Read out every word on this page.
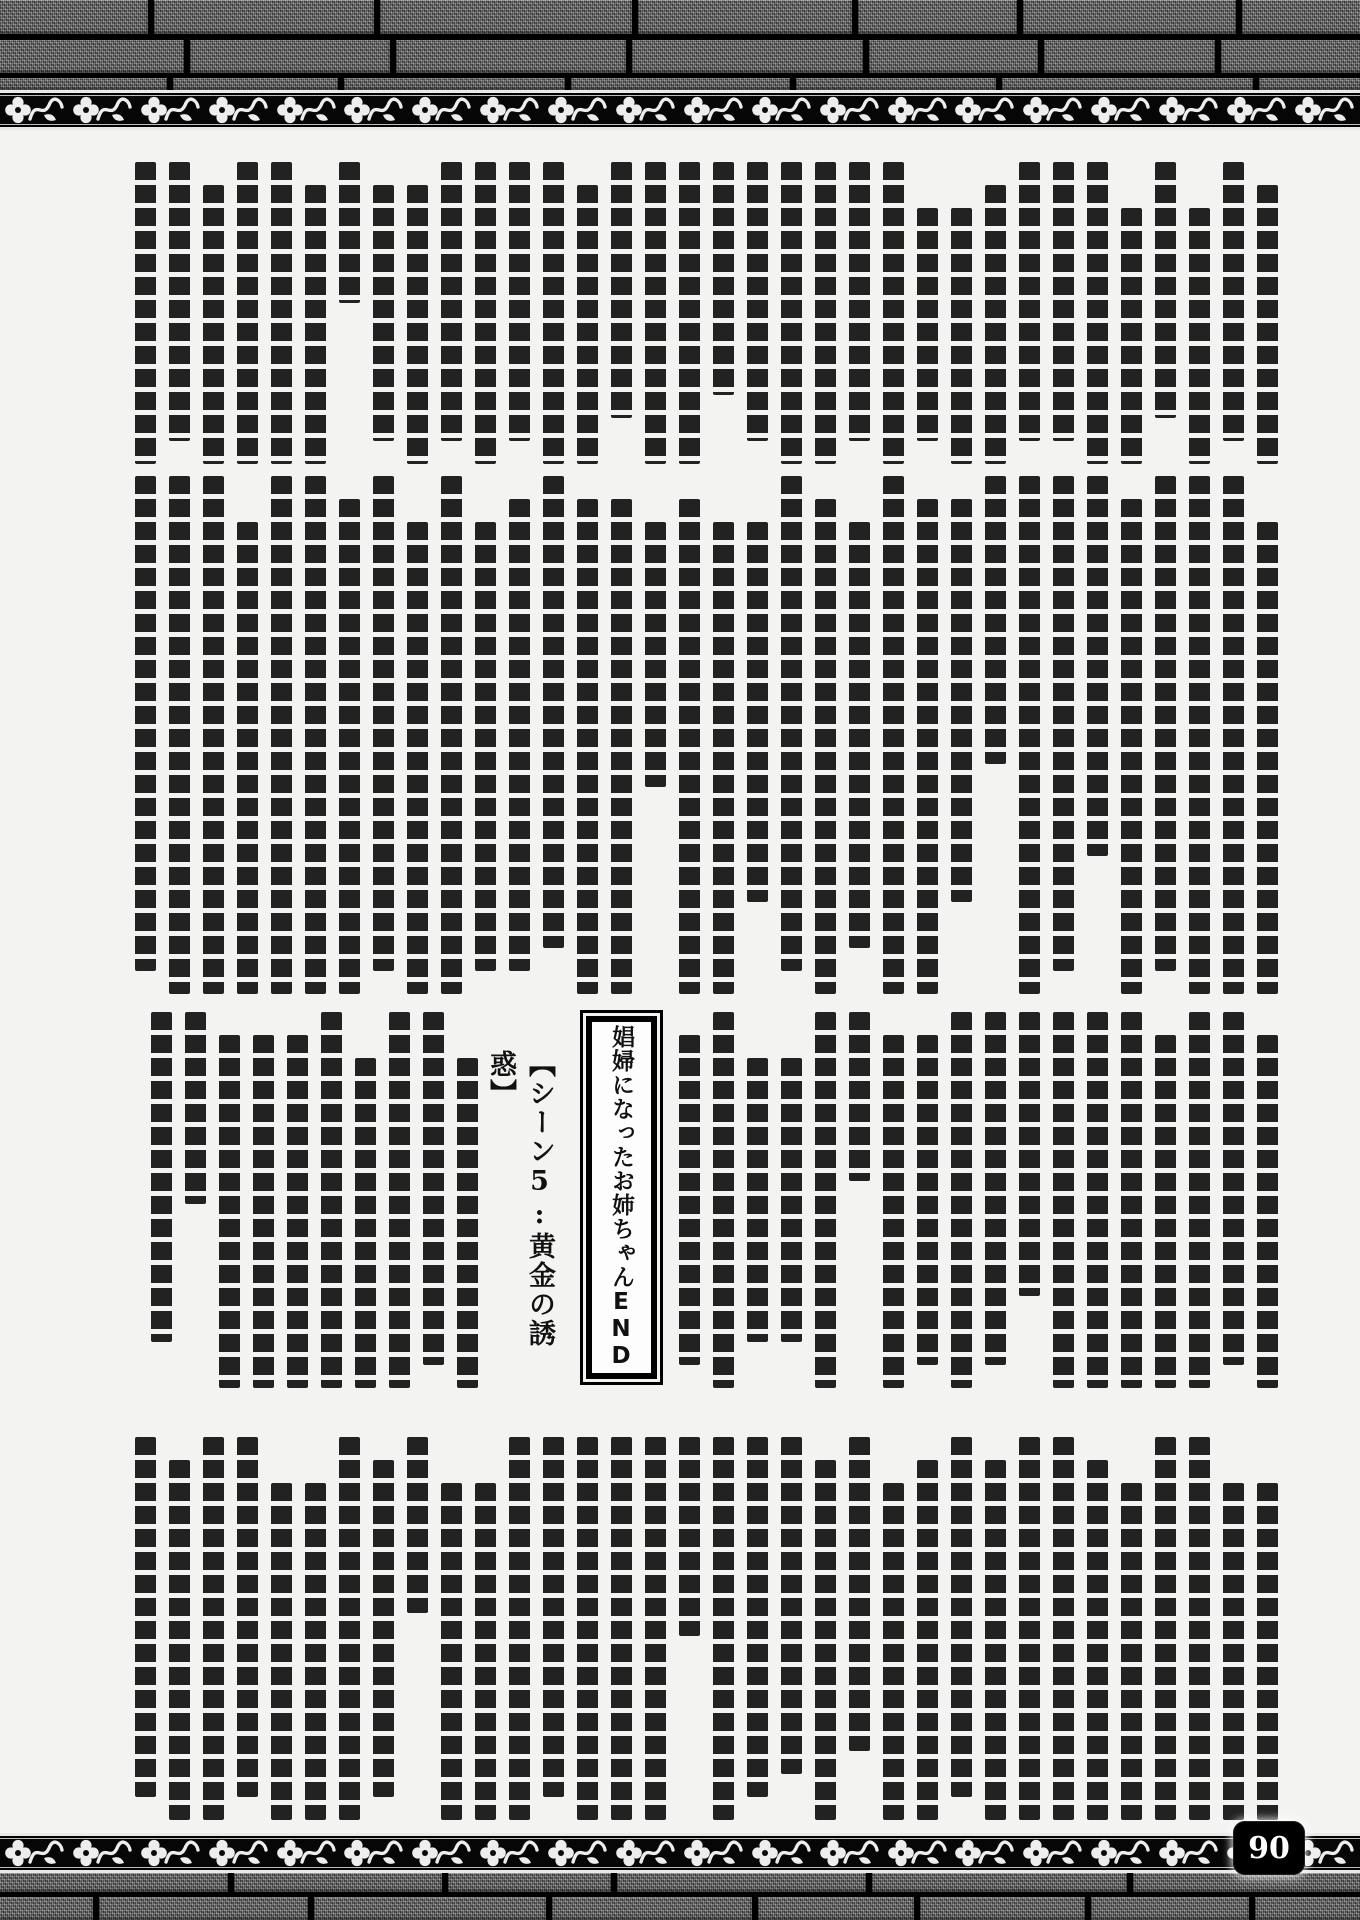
【シーン5:黄金の誘惑】	娼婦になったお姉ちゃんEND
90
